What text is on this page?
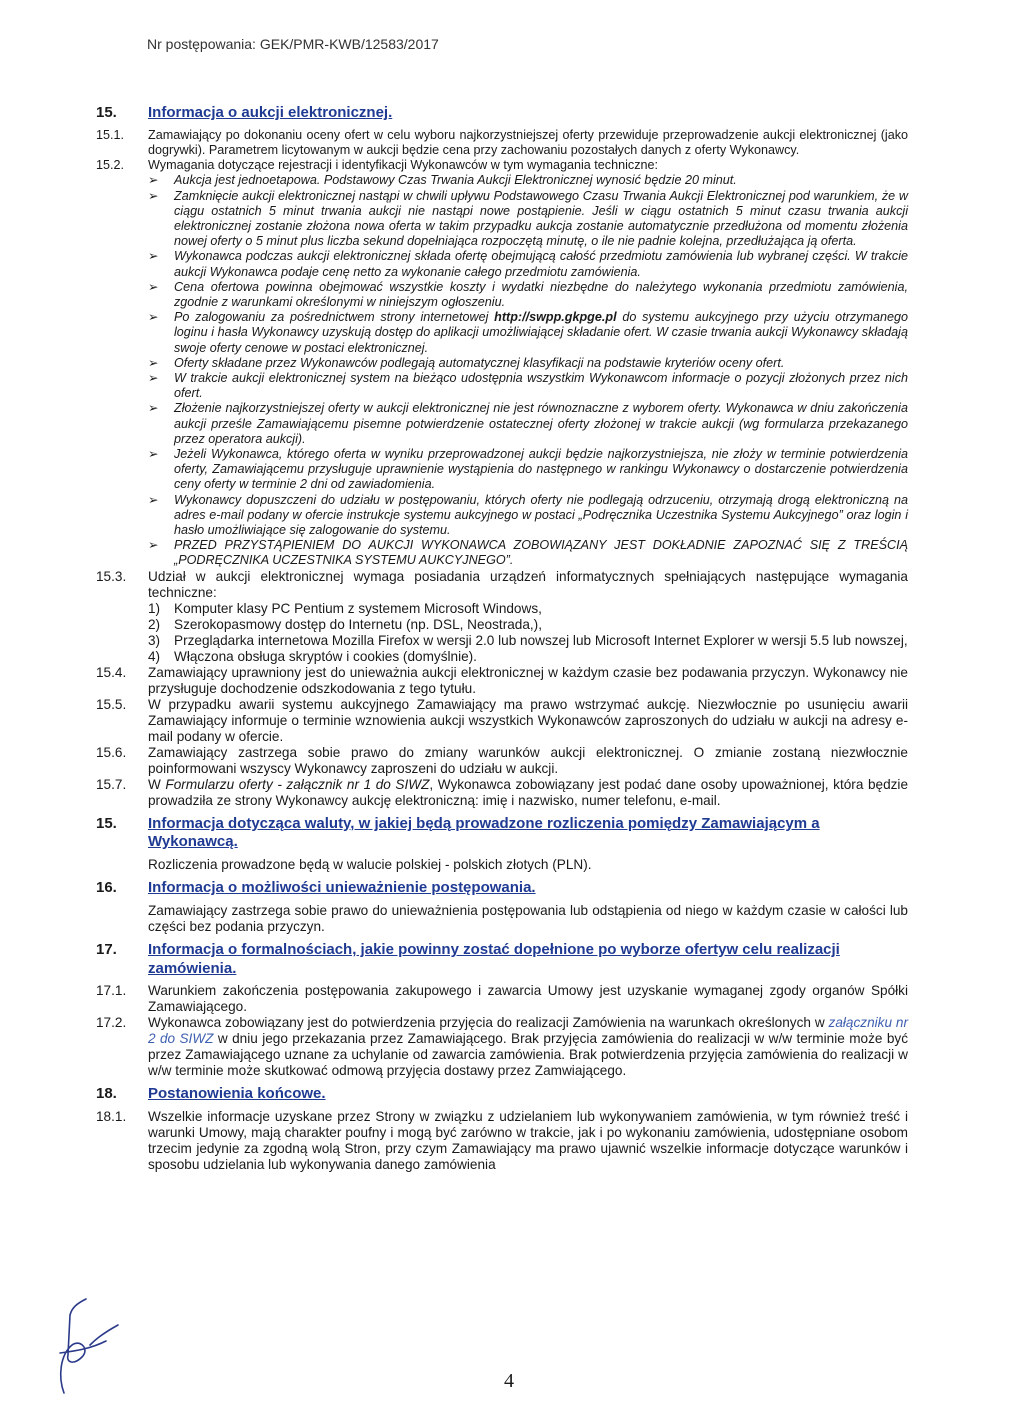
Nr postępowania: GEK/PMR-KWB/12583/2017
15.	Informacja o aukcji elektronicznej.
15.1.	Zamawiający po dokonaniu oceny ofert w celu wyboru najkorzystniejszej oferty przewiduje przeprowadzenie aukcji elektronicznej (jako dogrywki). Parametrem licytowanym w aukcji będzie cena przy zachowaniu pozostałych danych z oferty Wykonawcy.
15.2.	Wymagania dotyczące rejestracji i identyfikacji Wykonawców w tym wymagania techniczne:
➢	Aukcja jest jednoetapowa. Podstawowy Czas Trwania Aukcji Elektronicznej wynosić będzie 20 minut.
➢	Zamknięcie aukcji elektronicznej nastąpi w chwili upływu Podstawowego Czasu Trwania Aukcji Elektronicznej pod warunkiem, że w ciągu ostatnich 5 minut trwania aukcji nie nastąpi nowe postąpienie. Jeśli w ciągu ostatnich 5 minut czasu trwania aukcji elektronicznej zostanie złożona nowa oferta w takim przypadku aukcja zostanie automatycznie przedłużona od momentu złożenia nowej oferty o 5 minut plus liczba sekund dopełniająca rozpoczętą minutę, o ile nie padnie kolejna, przedłużająca ją oferta.
➢	Wykonawca podczas aukcji elektronicznej składa ofertę obejmującą całość przedmiotu zamówienia lub wybranej części. W trakcie aukcji Wykonawca podaje cenę netto za wykonanie całego przedmiotu zamówienia.
➢	Cena ofertowa powinna obejmować wszystkie koszty i wydatki niezbędne do należytego wykonania przedmiotu zamówienia, zgodnie z warunkami określonymi w niniejszym ogłoszeniu.
➢	Po zalogowaniu za pośrednictwem strony internetowej http://swpp.gkpge.pl do systemu aukcyjnego przy użyciu otrzymanego loginu i hasła Wykonawcy uzyskują dostęp do aplikacji umożliwiającej składanie ofert. W czasie trwania aukcji Wykonawcy składają swoje oferty cenowe w postaci elektronicznej.
➢	Oferty składane przez Wykonawców podlegają automatycznej klasyfikacji na podstawie kryteriów oceny ofert.
➢	W trakcie aukcji elektronicznej system na bieżąco udostępnia wszystkim Wykonawcom informacje o pozycji złożonych przez nich ofert.
➢	Złożenie najkorzystniejszej oferty w aukcji elektronicznej nie jest równoznaczne z wyborem oferty. Wykonawca w dniu zakończenia aukcji prześle Zamawiającemu pisemne potwierdzenie ostatecznej oferty złożonej w trakcie aukcji (wg formularza przekazanego przez operatora aukcji).
➢	Jeżeli Wykonawca, którego oferta w wyniku przeprowadzonej aukcji będzie najkorzystniejsza, nie złoży w terminie potwierdzenia oferty, Zamawiającemu przysługuje uprawnienie wystąpienia do następnego w rankingu Wykonawcy o dostarczenie potwierdzenia ceny oferty w terminie 2 dni od zawiadomienia.
➢	Wykonawcy dopuszczeni do udziału w postępowaniu, których oferty nie podlegają odrzuceniu, otrzymają drogą elektroniczną na adres e-mail podany w ofercie instrukcje systemu aukcyjnego w postaci „Podręcznika Uczestnika Systemu Aukcyjnego” oraz login i hasło umożliwiające się zalogowanie do systemu.
➢	PRZED PRZYSTĄPIENIEM DO AUKCJI WYKONAWCA ZOBOWIĄZANY JEST DOKŁADNIE ZAPOZNAĆ SIĘ Z TREŚCIĄ „PODRĘCZNIKA UCZESTNIKA SYSTEMU AUKCYJNEGO”.
15.3.	Udział w aukcji elektronicznej wymaga posiadania urządzeń informatycznych spełniających następujące wymagania techniczne:
1)	Komputer klasy PC Pentium z systemem Microsoft Windows,
2)	Szerokopasmowy dostęp do Internetu (np. DSL, Neostrada,),
3)	Przeglądarka internetowa Mozilla Firefox w wersji 2.0 lub nowszej lub Microsoft Internet Explorer w wersji 5.5 lub nowszej,
4)	Włączona obsługa skryptów i cookies (domyślnie).
15.4.	Zamawiający uprawniony jest do unieważnia aukcji elektronicznej w każdym czasie bez podawania przyczyn. Wykonawcy nie przysługuje dochodzenie odszkodowania z tego tytułu.
15.5.	W przypadku awarii systemu aukcyjnego Zamawiający ma prawo wstrzymać aukcję. Niezwłocznie po usunięciu awarii Zamawiający informuje o terminie wznowienia aukcji wszystkich Wykonawców zaproszonych do udziału w aukcji na adresy e-mail podany w ofercie.
15.6.	Zamawiający zastrzega sobie prawo do zmiany warunków aukcji elektronicznej. O zmianie zostaną niezwłocznie poinformowani wszyscy Wykonawcy zaproszeni do udziału w aukcji.
15.7.	W Formularzu oferty - załącznik nr 1 do SIWZ, Wykonawca zobowiązany jest podać dane osoby upoważnionej, która będzie prowadziła ze strony Wykonawcy aukcję elektroniczną: imię i nazwisko, numer telefonu, e-mail.
15.	Informacja dotycząca waluty, w jakiej będą prowadzone rozliczenia pomiędzy Zamawiającym a Wykonawcą.
Rozliczenia prowadzone będą w walucie polskiej - polskich złotych (PLN).
16.	Informacja o możliwości unieważnienie postępowania.
Zamawiający zastrzega sobie prawo do unieważnienia postępowania lub odstąpienia od niego w każdym czasie w całości lub części bez podania przyczyn.
17.	Informacja o formalnościach, jakie powinny zostać dopełnione po wyborze ofertyw celu realizacji zamówienia.
17.1.	Warunkiem zakończenia postępowania zakupowego i zawarcia Umowy jest uzyskanie wymaganej zgody organów Spółki Zamawiającego.
17.2.	Wykonawca zobowiązany jest do potwierdzenia przyjęcia do realizacji Zamówienia na warunkach określonych w załączniku nr 2 do SIWZ w dniu jego przekazania przez Zamawiającego. Brak przyjęcia zamówienia do realizacji w w/w terminie może być przez Zamawiającego uznane za uchylanie od zawarcia zamówienia. Brak potwierdzenia przyjęcia zamówienia do realizacji w w/w terminie może skutkować odmową przyjęcia dostawy przez Zamwiającego.
18.	Postanowienia końcowe.
18.1.	Wszelkie informacje uzyskane przez Strony w związku z udzielaniem lub wykonywaniem zamówienia, w tym również treść i warunki Umowy, mają charakter poufny i mogą być zarówno w trakcie, jak i po wykonaniu zamówienia, udostępniane osobom trzecim jedynie za zgodną wolą Stron, przy czym Zamawiający ma prawo ujawnić wszelkie informacje dotyczące warunków i sposobu udzielania lub wykonywania danego zamówienia
4
